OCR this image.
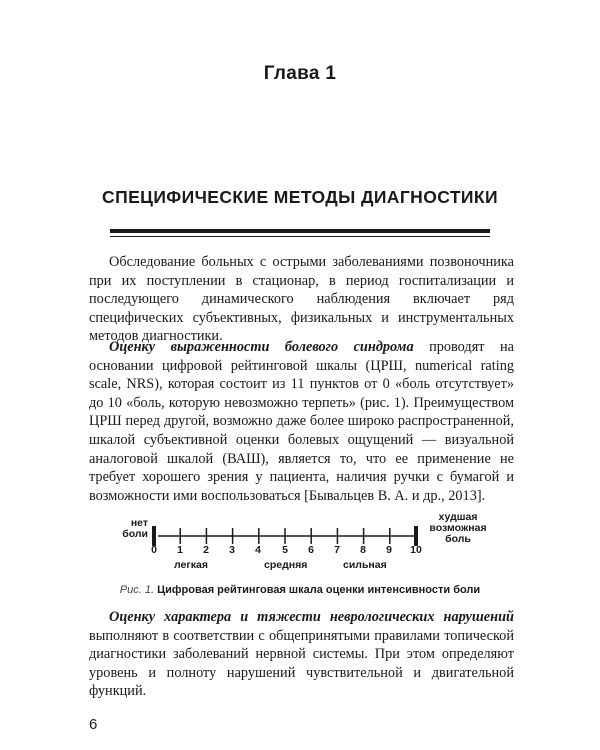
Глава 1
СПЕЦИФИЧЕСКИЕ МЕТОДЫ ДИАГНОСТИКИ

Обследование больных с острыми заболеваниями позвоночника при их поступлении в стационар, в период госпитализации и последующего динамического наблюдения включает ряд специфических субъективных, физикальных и инструментальных методов диагностики.

Оценку выраженности болевого синдрома проводят на основании цифровой рейтинговой шкалы (ЦРШ, numerical rating scale, NRS), которая состоит из 11 пунктов от 0 «боль отсутствует» до 10 «боль, которую невозможно терпеть» (рис. 1). Преимуществом ЦРШ перед другой, возможно даже более широко распространенной, шкалой субъективной оценки болевых ощущений — визуальной аналоговой шкалой (ВАШ), является то, что ее применение не требует хорошего зрения у пациента, наличия ручки с бумагой и возможности ими воспользоваться [Бывальцев В. А. и др., 2013].

нет
боли
худшая
возможная
боль
0	1	2	3	4	5	6	7	8	9	10
легкая	средняя	сильная
Рис. 1. Цифровая рейтинговая шкала оценки интенсивности боли

Оценку характера и тяжести неврологических нарушений выполняют в соответствии с общепринятыми правилами топической диагностики заболеваний нервной системы. При этом определяют уровень и полноту нарушений чувствительной и двигательной функций.

6
